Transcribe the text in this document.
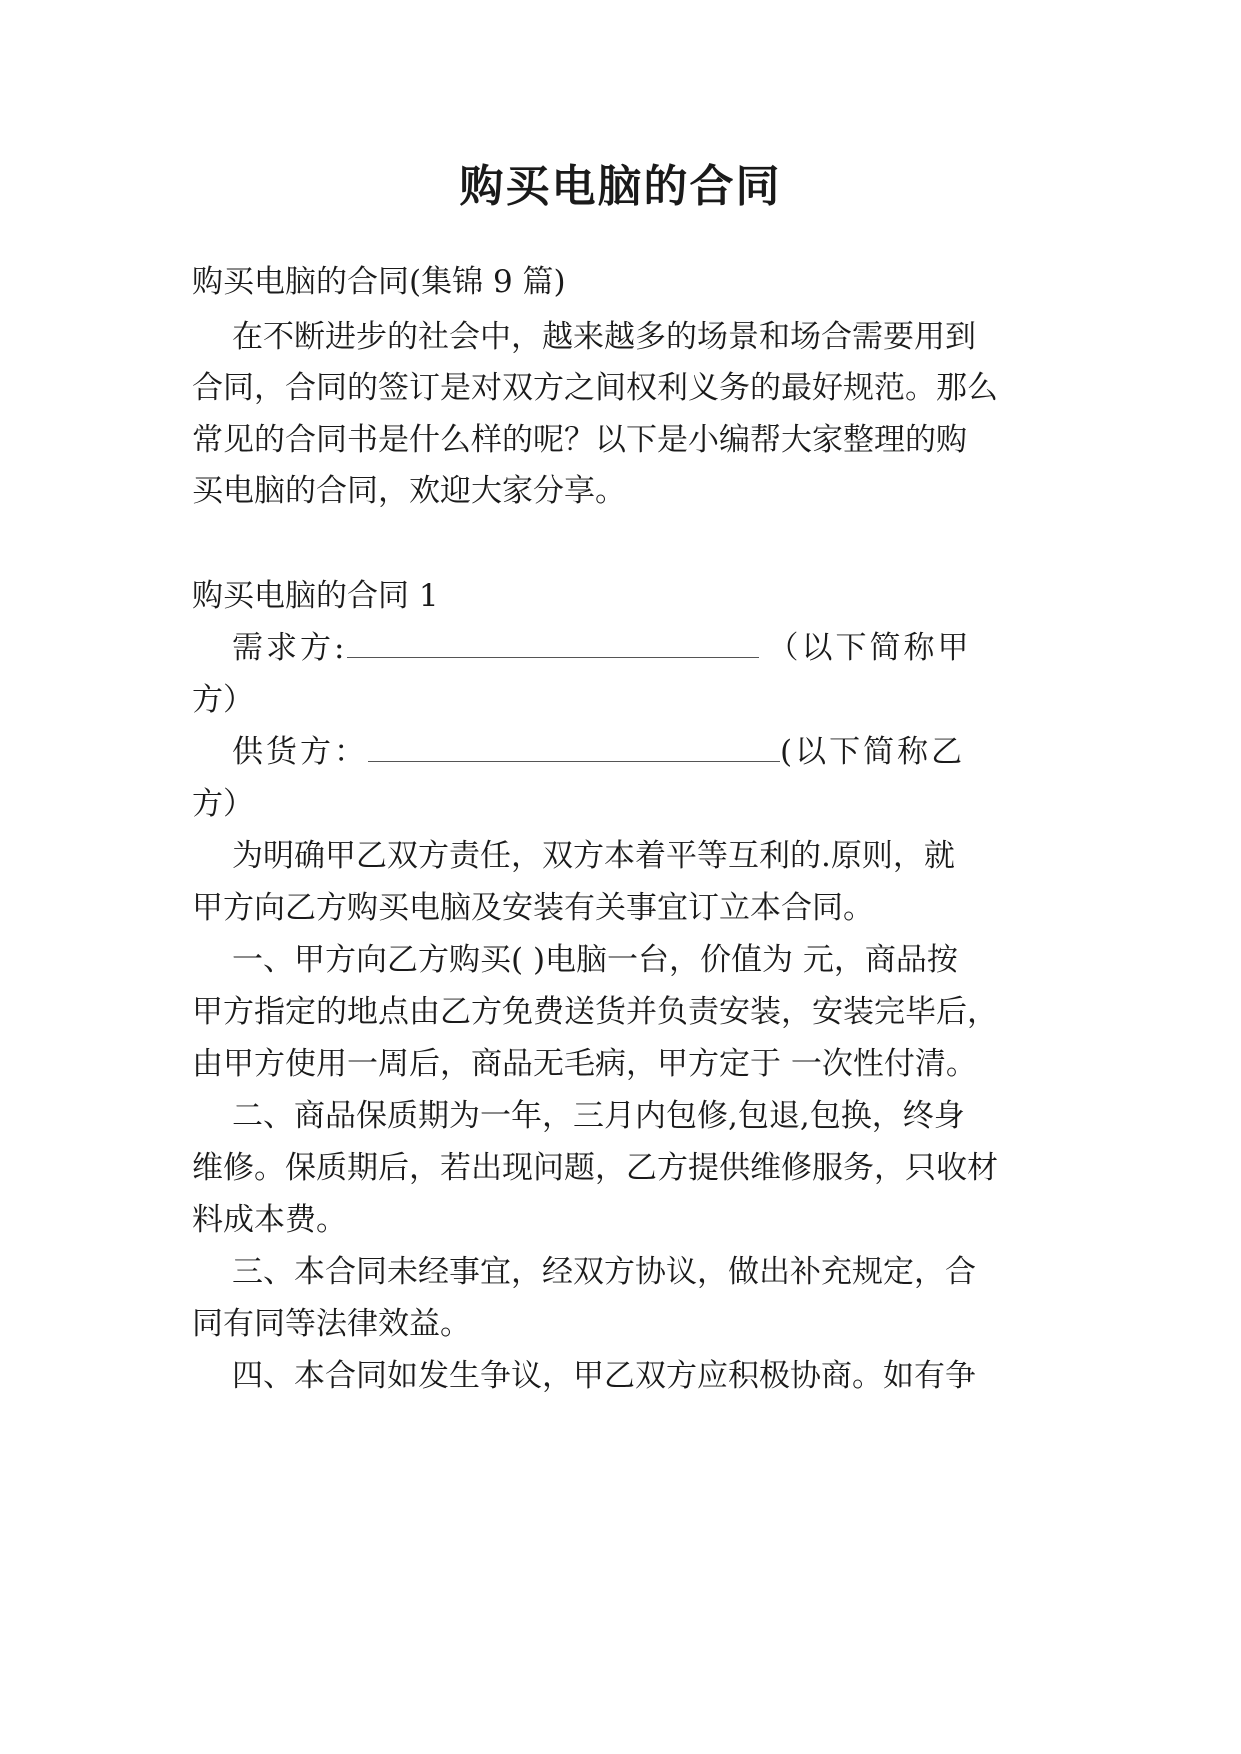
购买电脑的合同

购买电脑的合同(集锦 9 篇)

在不断进步的社会中，越来越多的场景和场合需要用到

合同，合同的签订是对双方之间权利义务的最好规范。那么

常见的合同书是什么样的呢？以下是小编帮大家整理的购

买电脑的合同，欢迎大家分享。

购买电脑的合同 1

需求方:	（以下简称甲

方）

供货方：	(以下简称乙

方）

为明确甲乙双方责任，双方本着平等互利的.原则，就

甲方向乙方购买电脑及安装有关事宜订立本合同。

一、甲方向乙方购买( )电脑一台，价值为 元，商品按

甲方指定的地点由乙方免费送货并负责安装，安装完毕后，

由甲方使用一周后，商品无毛病，甲方定于 一次性付清。

二、商品保质期为一年，三月内包修,包退,包换，终身

维修。保质期后，若出现问题，乙方提供维修服务，只收材

料成本费。

三、本合同未经事宜，经双方协议，做出补充规定，合

同有同等法律效益。

四、本合同如发生争议，甲乙双方应积极协商。如有争
